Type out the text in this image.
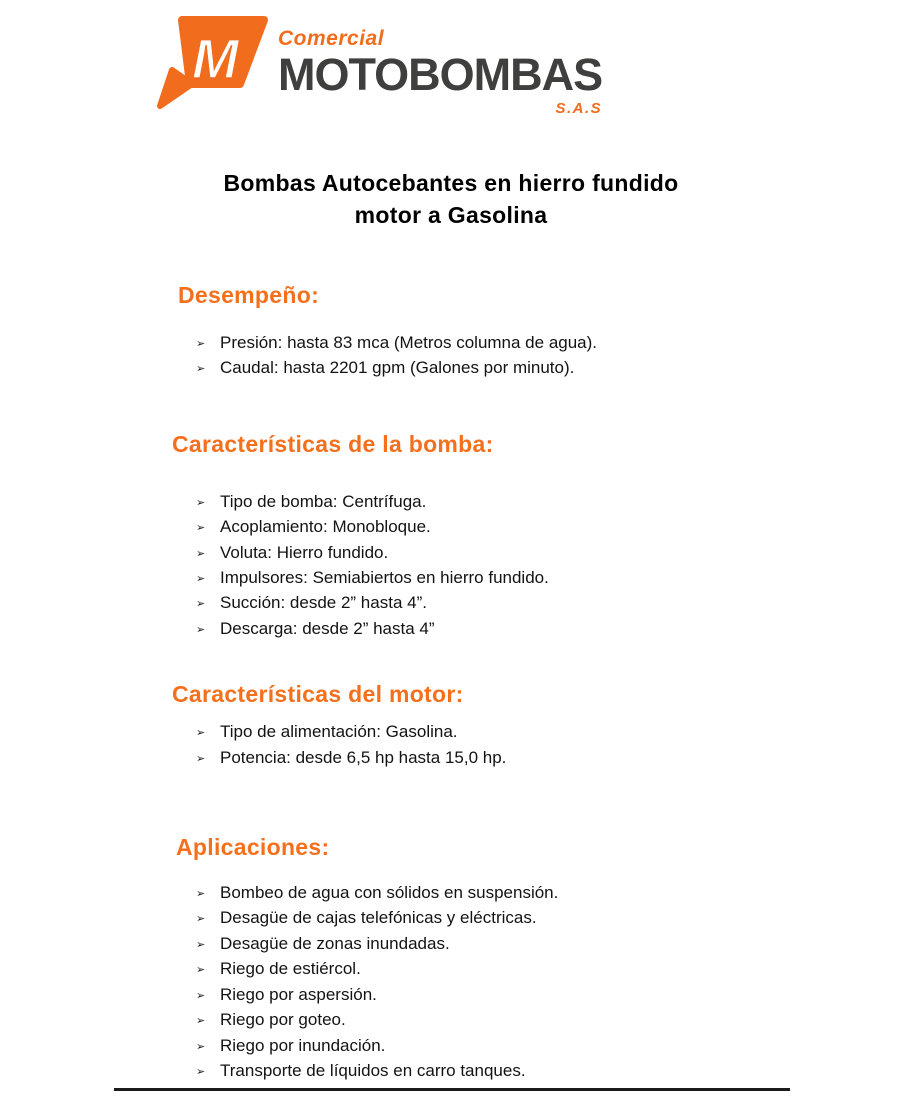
M Comercial
MOTOBOMBAS
S.A.S
Bombas Autocebantes en hierro fundido
motor a Gasolina
Desempeño:
➢ Presión: hasta 83 mca (Metros columna de agua).
➢ Caudal: hasta 2201 gpm (Galones por minuto).
Características de la bomba:
➢ Tipo de bomba: Centrífuga.
➢ Acoplamiento: Monobloque.
➢ Voluta: Hierro fundido.
➢ Impulsores: Semiabiertos en hierro fundido.
➢ Succión: desde 2” hasta 4”.
➢ Descarga: desde 2” hasta 4”
Características del motor:
➢ Tipo de alimentación: Gasolina.
➢ Potencia: desde 6,5 hp hasta 15,0 hp.
Aplicaciones:
➢ Bombeo de agua con sólidos en suspensión.
➢ Desagüe de cajas telefónicas y eléctricas.
➢ Desagüe de zonas inundadas.
➢ Riego de estiércol.
➢ Riego por aspersión.
➢ Riego por goteo.
➢ Riego por inundación.
➢ Transporte de líquidos en carro tanques.
